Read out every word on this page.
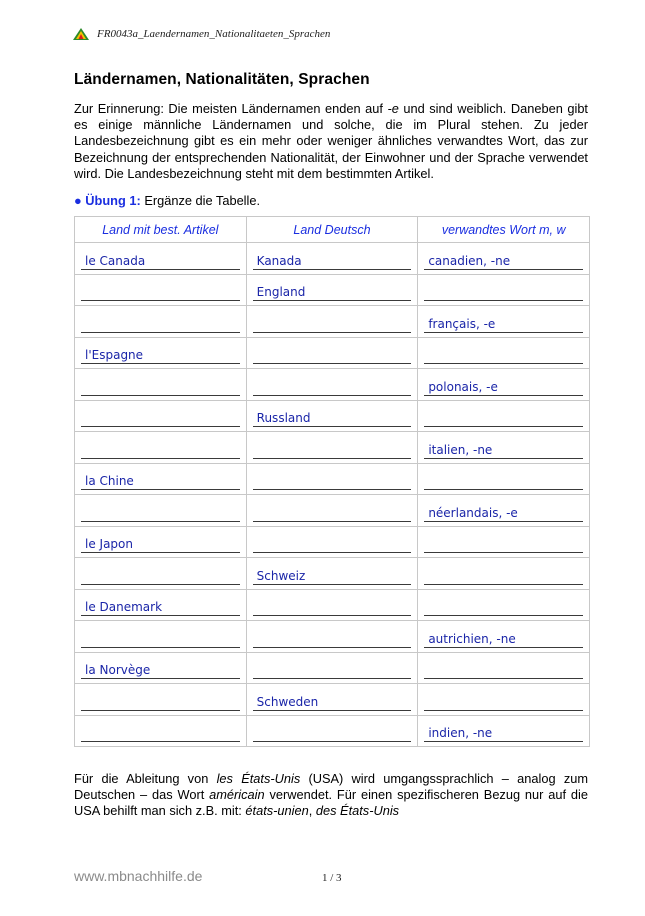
FR0043a_Laendernamen_Nationalitaeten_Sprachen
Ländernamen, Nationalitäten, Sprachen

Zur Erinnerung: Die meisten Ländernamen enden auf -e und sind weiblich. Daneben gibt es einige männliche Ländernamen und solche, die im Plural stehen. Zu jeder Landesbezeichnung gibt es ein mehr oder weniger ähnliches verwandtes Wort, das zur Bezeichnung der entsprechenden Nationalität, der Einwohner und der Sprache verwendet wird. Die Landesbezeichnung steht mit dem bestimmten Artikel.

● Übung 1: Ergänze die Tabelle.
Land mit best. Artikel	Land Deutsch	verwandtes Wort m, w

le Canada	Kanada	canadien, -ne

	England	

		français, -e

l'Espagne		

		polonais, -e

	Russland	

		italien, -ne

la Chine		

		néerlandais, -e

le Japon		

	Schweiz	

le Danemark		

		autrichien, -ne

la Norvège		

	Schweden	

		indien, -ne

Für die Ableitung von les États-Unis (USA) wird umgangssprachlich – analog zum Deutschen – das Wort américain verwendet. Für einen spezifischeren Bezug nur auf die USA behilft man sich z.B. mit: états-unien, des États-Unis

www.mbnachhilfe.de	1 / 3
